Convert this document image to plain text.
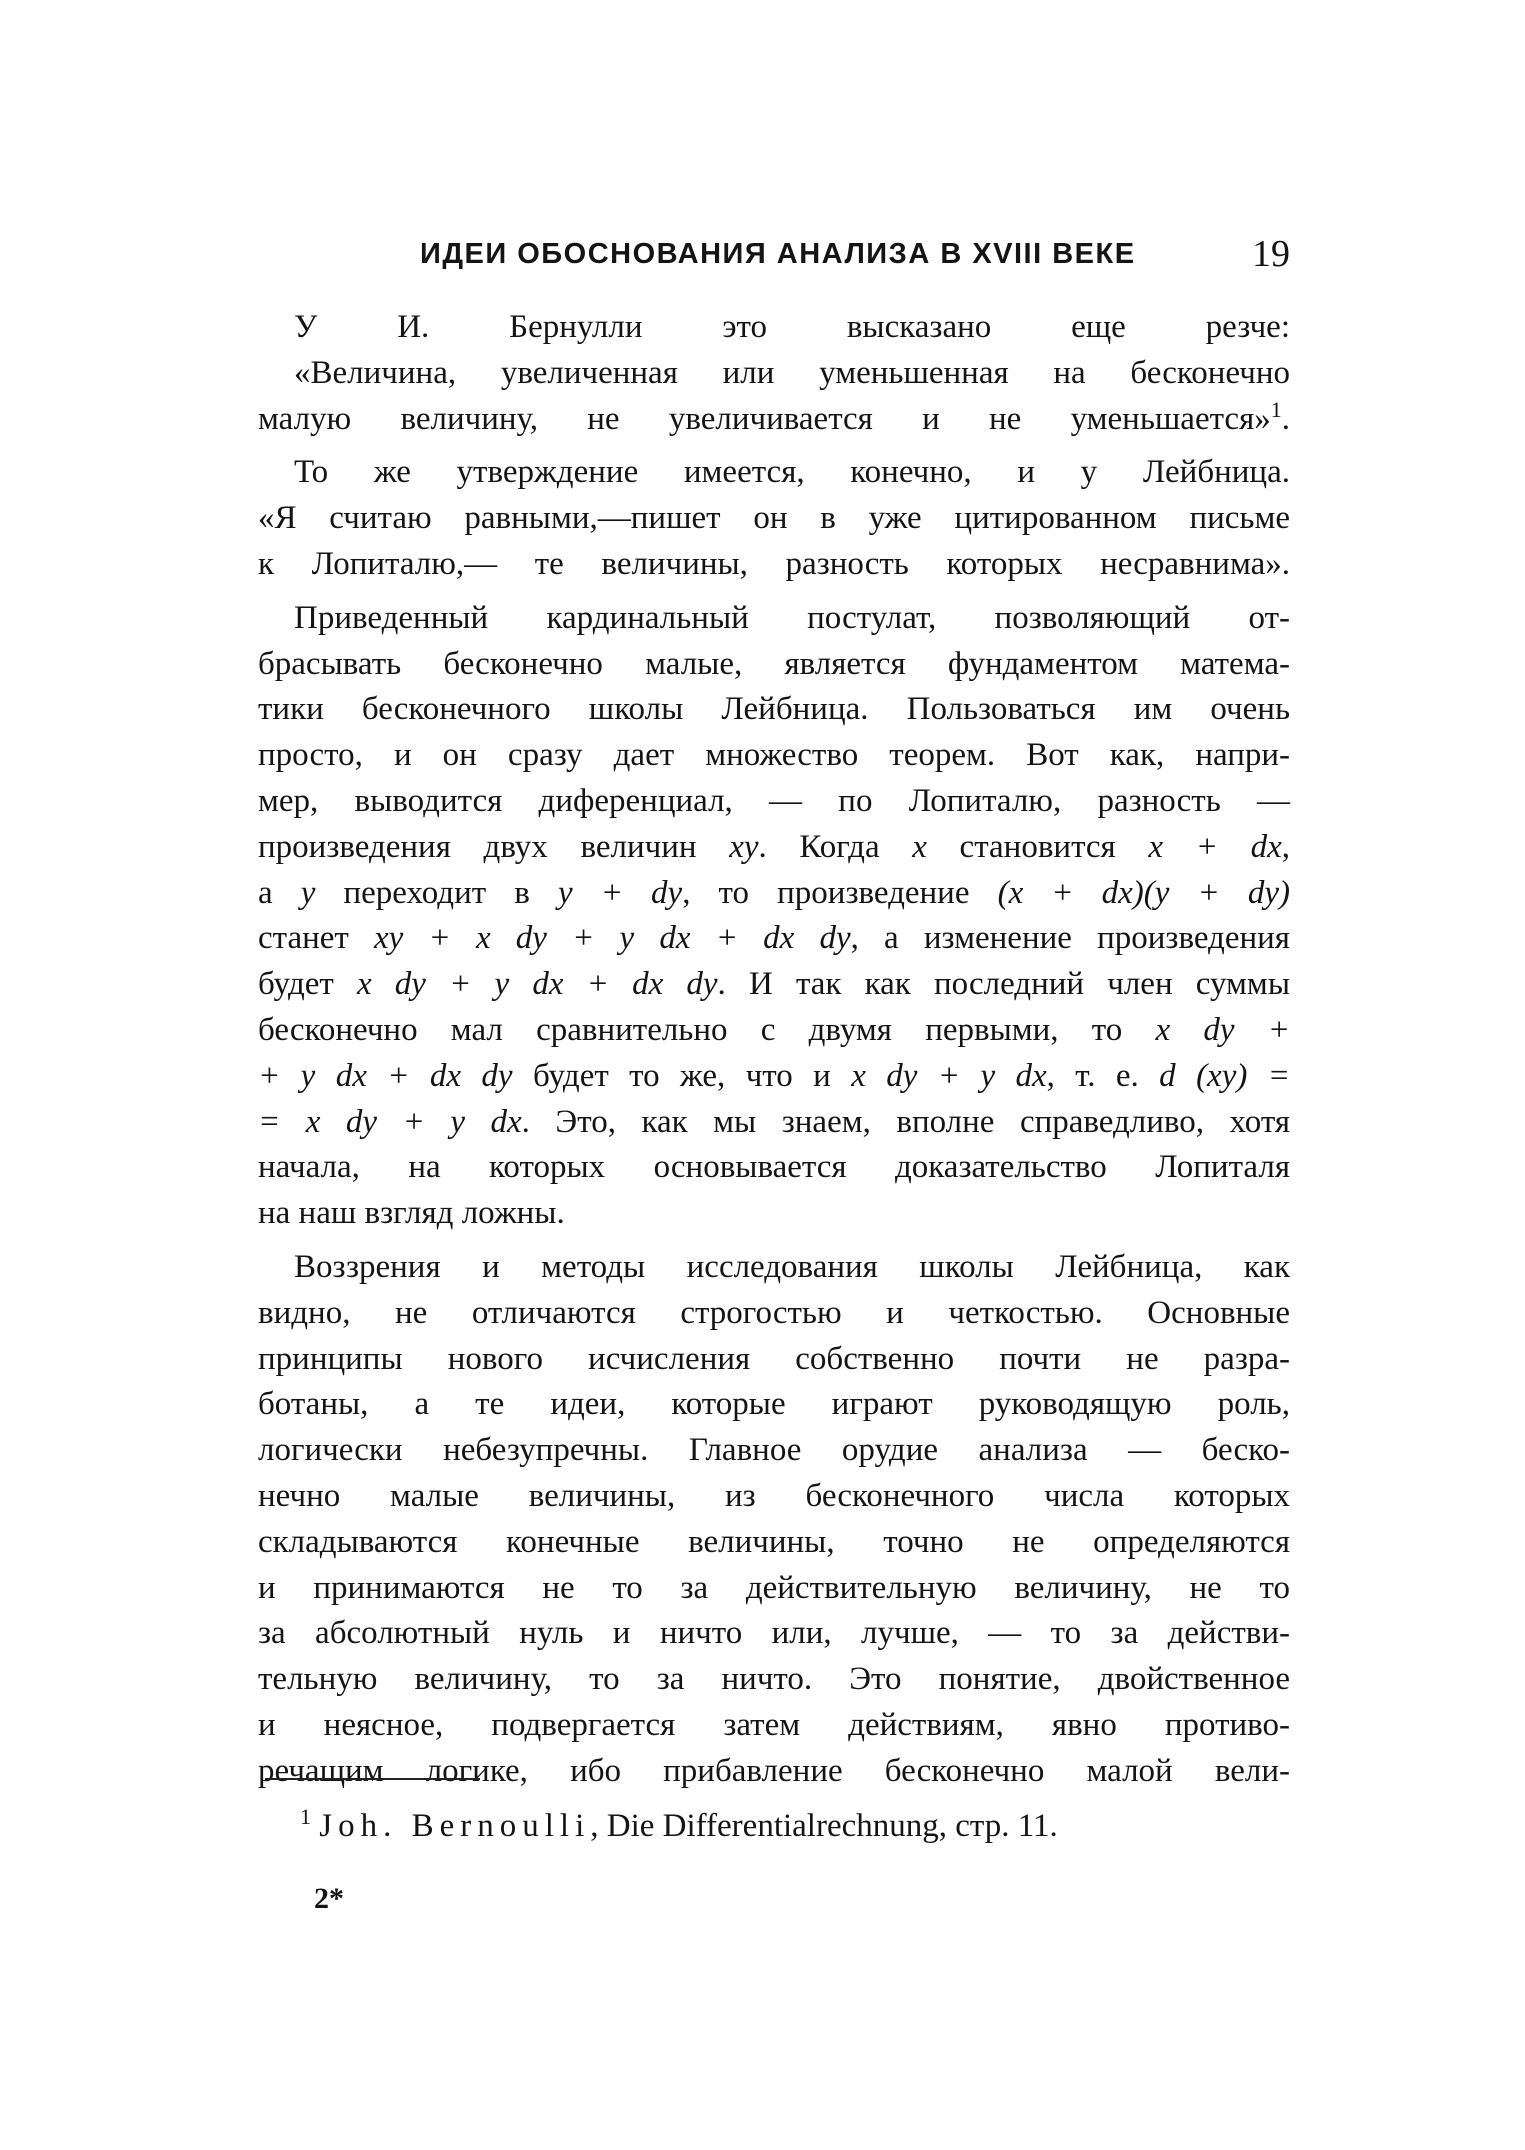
ИДЕИ ОБОСНОВАНИЯ АНАЛИЗА В XVIII ВЕКЕ	19
У И. Бернулли это высказано еще резче:
«Величина, увеличенная или уменьшенная на бесконечно
малую величину, не увеличивается и не уменьшается»$^1$.
То же утверждение имеется, конечно, и у Лейбница.
«Я считаю равными,—пишет он в уже цитированном письме
к Лопиталю,— те величины, разность которых несравнима».
Приведенный кардинальный постулат, позволяющий от-
брасывать бесконечно малые, является фундаментом матема-
тики бесконечного школы Лейбница. Пользоваться им очень
просто, и он сразу дает множество теорем. Вот как, напри-
мер, выводится диференциал, — по Лопиталю, разность —
произведения двух величин xy. Когда x становится x + dx,
а y переходит в y + dy, то произведение (x + dx)(y + dy)
станет xy + x dy + y dx + dx dy, а изменение произведения
будет x dy + y dx + dx dy. И так как последний член суммы
бесконечно мал сравнительно с двумя первыми, то x dy +
+ y dx + dx dy будет то же, что и x dy + y dx, т. е. d (xy) =
= x dy + y dx. Это, как мы знаем, вполне справедливо, хотя
начала, на которых основывается доказательство Лопиталя
на наш взгляд ложны.
Воззрения и методы исследования школы Лейбница, как
видно, не отличаются строгостью и четкостью. Основные
принципы нового исчисления собственно почти не разра-
ботаны, а те идеи, которые играют руководящую роль,
логически небезупречны. Главное орудие анализа — беско-
нечно малые величины, из бесконечного числа которых
складываются конечные величины, точно не определяются
и принимаются не то за действительную величину, не то
за абсолютный нуль и ничто или, лучше, — то за действи-
тельную величину, то за ничто. Это понятие, двойственное
и неясное, подвергается затем действиям, явно противо-
речащим логике, ибо прибавление бесконечно малой вели-
$^1$ Joh. Bernoulli, Die Differentialrechnung, стр. 11.
2*
